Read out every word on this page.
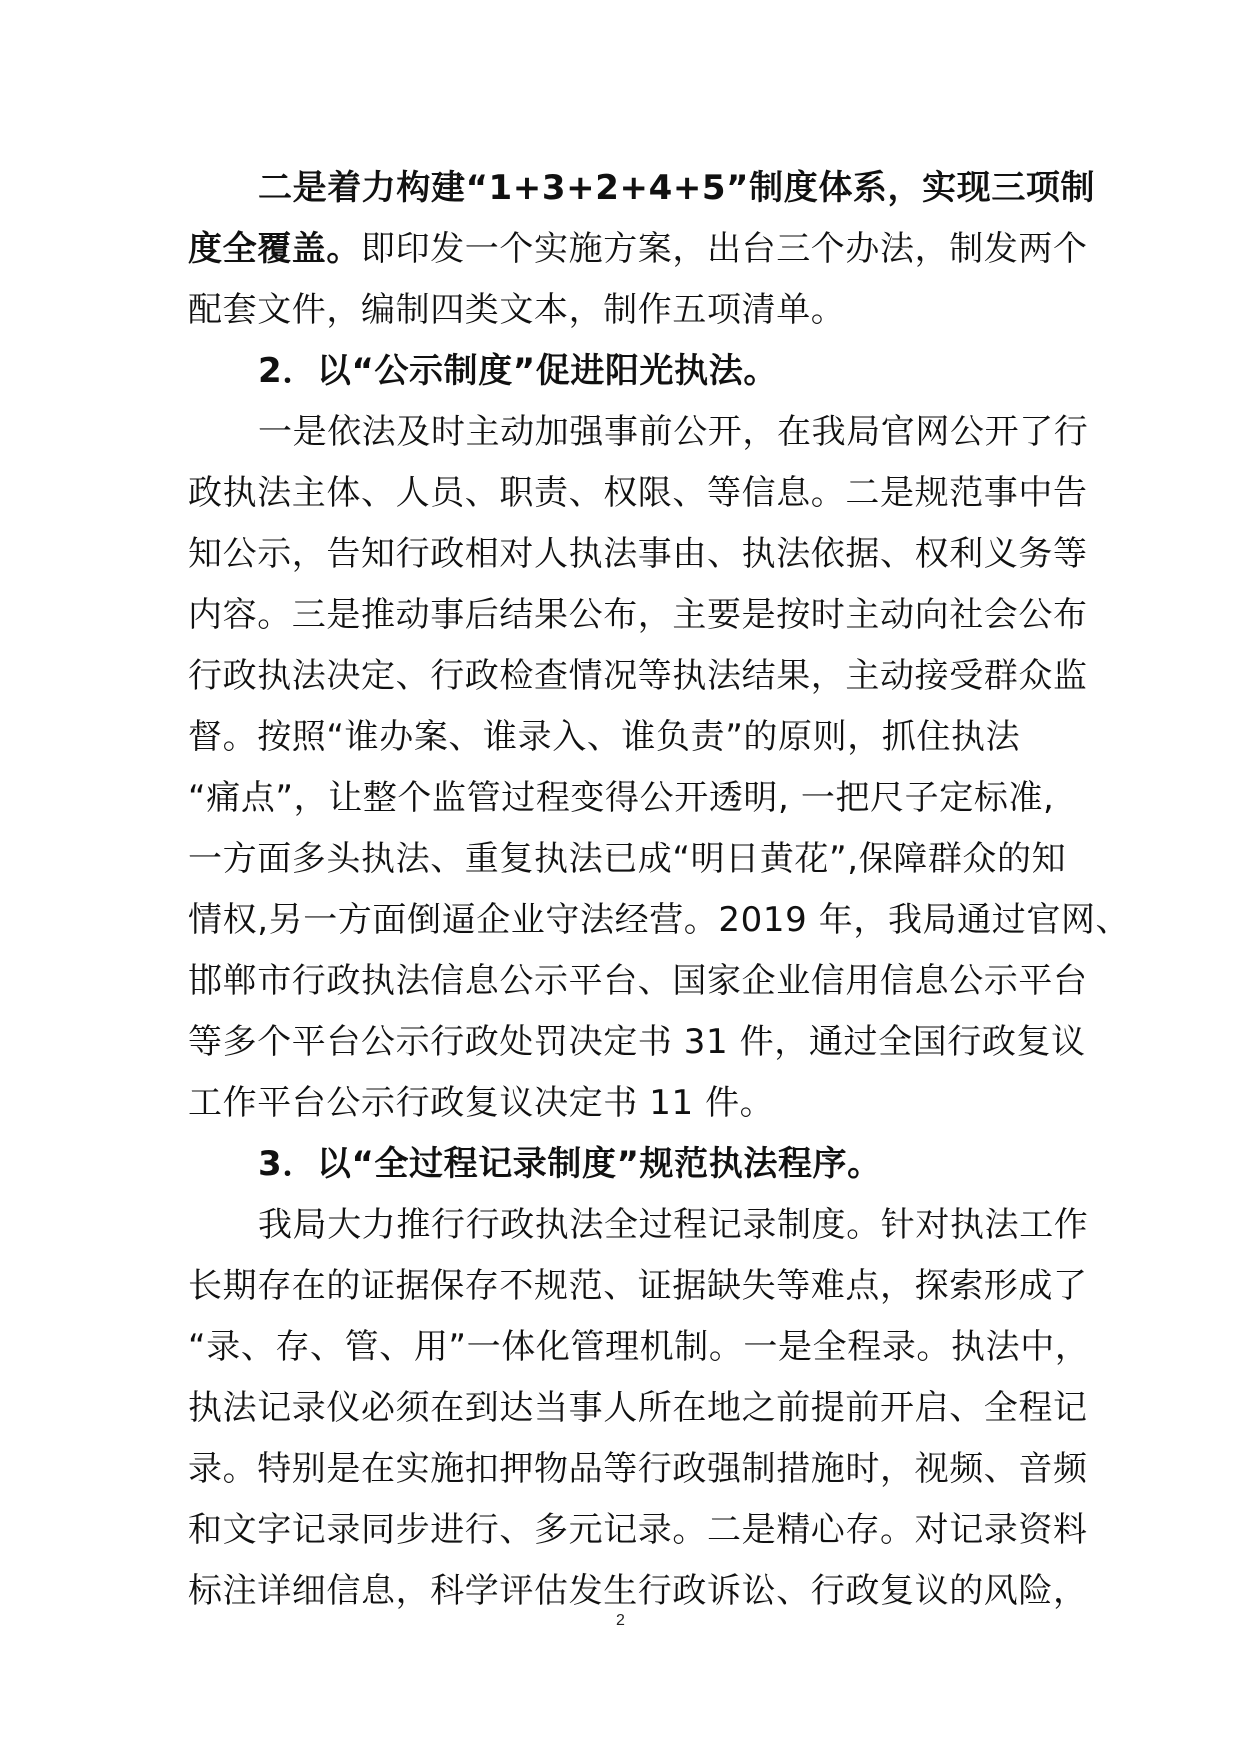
二是着力构建“1+3+2+4+5”制度体系，实现三项制
度全覆盖。即印发一个实施方案，出台三个办法，制发两个
配套文件，编制四类文本，制作五项清单。
2．以“公示制度”促进阳光执法。
一是依法及时主动加强事前公开，在我局官网公开了行
政执法主体、人员、职责、权限、等信息。二是规范事中告
知公示，告知行政相对人执法事由、执法依据、权利义务等
内容。三是推动事后结果公布，主要是按时主动向社会公布
行政执法决定、行政检查情况等执法结果，主动接受群众监
督。按照“谁办案、谁录入、谁负责”的原则，抓住执法
“痛点”，让整个监管过程变得公开透明, 一把尺子定标准,
一方面多头执法、重复执法已成“明日黄花”,保障群众的知
情权,另一方面倒逼企业守法经营。2019 年，我局通过官网、
邯郸市行政执法信息公示平台、国家企业信用信息公示平台
等多个平台公示行政处罚决定书 31 件，通过全国行政复议
工作平台公示行政复议决定书 11 件。
3．以“全过程记录制度”规范执法程序。
我局大力推行行政执法全过程记录制度。针对执法工作
长期存在的证据保存不规范、证据缺失等难点，探索形成了
“录、存、管、用”一体化管理机制。一是全程录。执法中，
执法记录仪必须在到达当事人所在地之前提前开启、全程记
录。特别是在实施扣押物品等行政强制措施时，视频、音频
和文字记录同步进行、多元记录。二是精心存。对记录资料
标注详细信息，科学评估发生行政诉讼、行政复议的风险，
2
